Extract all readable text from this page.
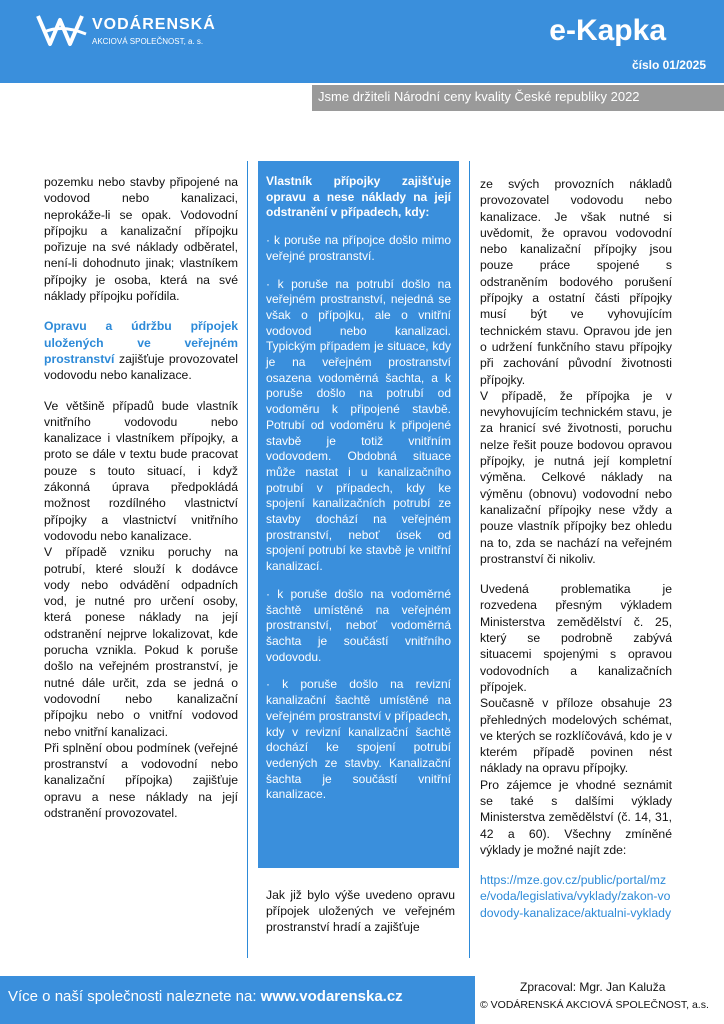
VODÁRENSKÁ
AKCIOVÁ SPOLEČNOST, a. s.	e-Kapka
číslo 01/2025
Jsme držiteli Národní ceny kvality České republiky 2022

pozemku nebo stavby připojené na vodovod nebo kanalizaci, neprokáže-li se opak. Vodovodní přípojku a kanalizační přípojku pořizuje na své náklady odběratel, není-li dohodnuto jinak; vlastníkem přípojky je osoba, která na své náklady přípojku pořídila.

Opravu a údržbu přípojek uložených ve veřejném prostranství zajišťuje provozovatel vodovodu nebo kanalizace.

Ve většině případů bude vlastník vnitřního vodovodu nebo kanalizace i vlastníkem přípojky, a proto se dále v textu bude pracovat pouze s touto situací, i když zákonná úprava předpokládá možnost rozdílného vlastnictví přípojky a vlastnictví vnitřního vodovodu nebo kanalizace.

V případě vzniku poruchy na potrubí, které slouží k dodávce vody nebo odvádění odpadních vod, je nutné pro určení osoby, která ponese náklady na její odstranění nejprve lokalizovat, kde porucha vznikla. Pokud k poruše došlo na veřejném prostranství, je nutné dále určit, zda se jedná o vodovodní nebo kanalizační přípojku nebo o vnitřní vodovod nebo vnitřní kanalizaci.

Při splnění obou podmínek (veřejné prostranství a vodovodní nebo kanalizační přípojka) zajišťuje opravu a nese náklady na její odstranění provozovatel.

Vlastník přípojky zajišťuje opravu a nese náklady na její odstranění v případech, kdy:

· k poruše na přípojce došlo mimo veřejné prostranství.

· k poruše na potrubí došlo na veřejném prostranství, nejedná se však o přípojku, ale o vnitřní vodovod nebo kanalizaci. Typickým případem je situace, kdy je na veřejném prostranství osazena vodoměrná šachta, a k poruše došlo na potrubí od vodoměru k připojené stavbě. Potrubí od vodoměru k připojené stavbě je totiž vnitřním vodovodem. Obdobná situace může nastat i u kanalizačního potrubí v případech, kdy ke spojení kanalizačních potrubí ze stavby dochází na veřejném prostranství, neboť úsek od spojení potrubí ke stavbě je vnitřní kanalizací.

· k poruše došlo na vodoměrné šachtě umístěné na veřejném prostranství, neboť vodoměrná šachta je součástí vnitřního vodovodu.

· k poruše došlo na revizní kanalizační šachtě umístěné na veřejném prostranství v případech, kdy v revizní kanalizační šachtě dochází ke spojení potrubí vedených ze stavby. Kanalizační šachta je součástí vnitřní kanalizace.

Jak již bylo výše uvedeno opravu přípojek uložených ve veřejném prostranství hradí a zajišťuje

ze svých provozních nákladů provozovatel vodovodu nebo kanalizace. Je však nutné si uvědomit, že opravou vodovodní nebo kanalizační přípojky jsou pouze práce spojené s odstraněním bodového porušení přípojky a ostatní části přípojky musí být ve vyhovujícím technickém stavu. Opravou jde jen o udržení funkčního stavu přípojky při zachování původní životnosti přípojky.

V případě, že přípojka je v nevyhovujícím technickém stavu, je za hranicí své životnosti, poruchu nelze řešit pouze bodovou opravou přípojky, je nutná její kompletní výměna. Celkové náklady na výměnu (obnovu) vodovodní nebo kanalizační přípojky nese vždy a pouze vlastník přípojky bez ohledu na to, zda se nachází na veřejném prostranství či nikoliv.

Uvedená problematika je rozvedena přesným výkladem Ministerstva zemědělství č. 25, který se podrobně zabývá situacemi spojenými s opravou vodovodních a kanalizačních přípojek.

Současně v příloze obsahuje 23 přehledných modelových schémat, ve kterých se rozklíčovává, kdo je v kterém případě povinen nést náklady na opravu přípojky.

Pro zájemce je vhodné seznámit se také s dalšími výklady Ministerstva zemědělství (č. 14, 31, 42 a 60). Všechny zmíněné výklady je možné najít zde:

https://mze.gov.cz/public/portal/mze/voda/legislativa/vyklady/zakon-vodovody-kanalizace/aktualni-vyklady

Více o naší společnosti naleznete na: www.vodarenska.cz
Zpracoval: Mgr. Jan Kaluža
© VODÁRENSKÁ AKCIOVÁ SPOLEČNOST, a.s.
